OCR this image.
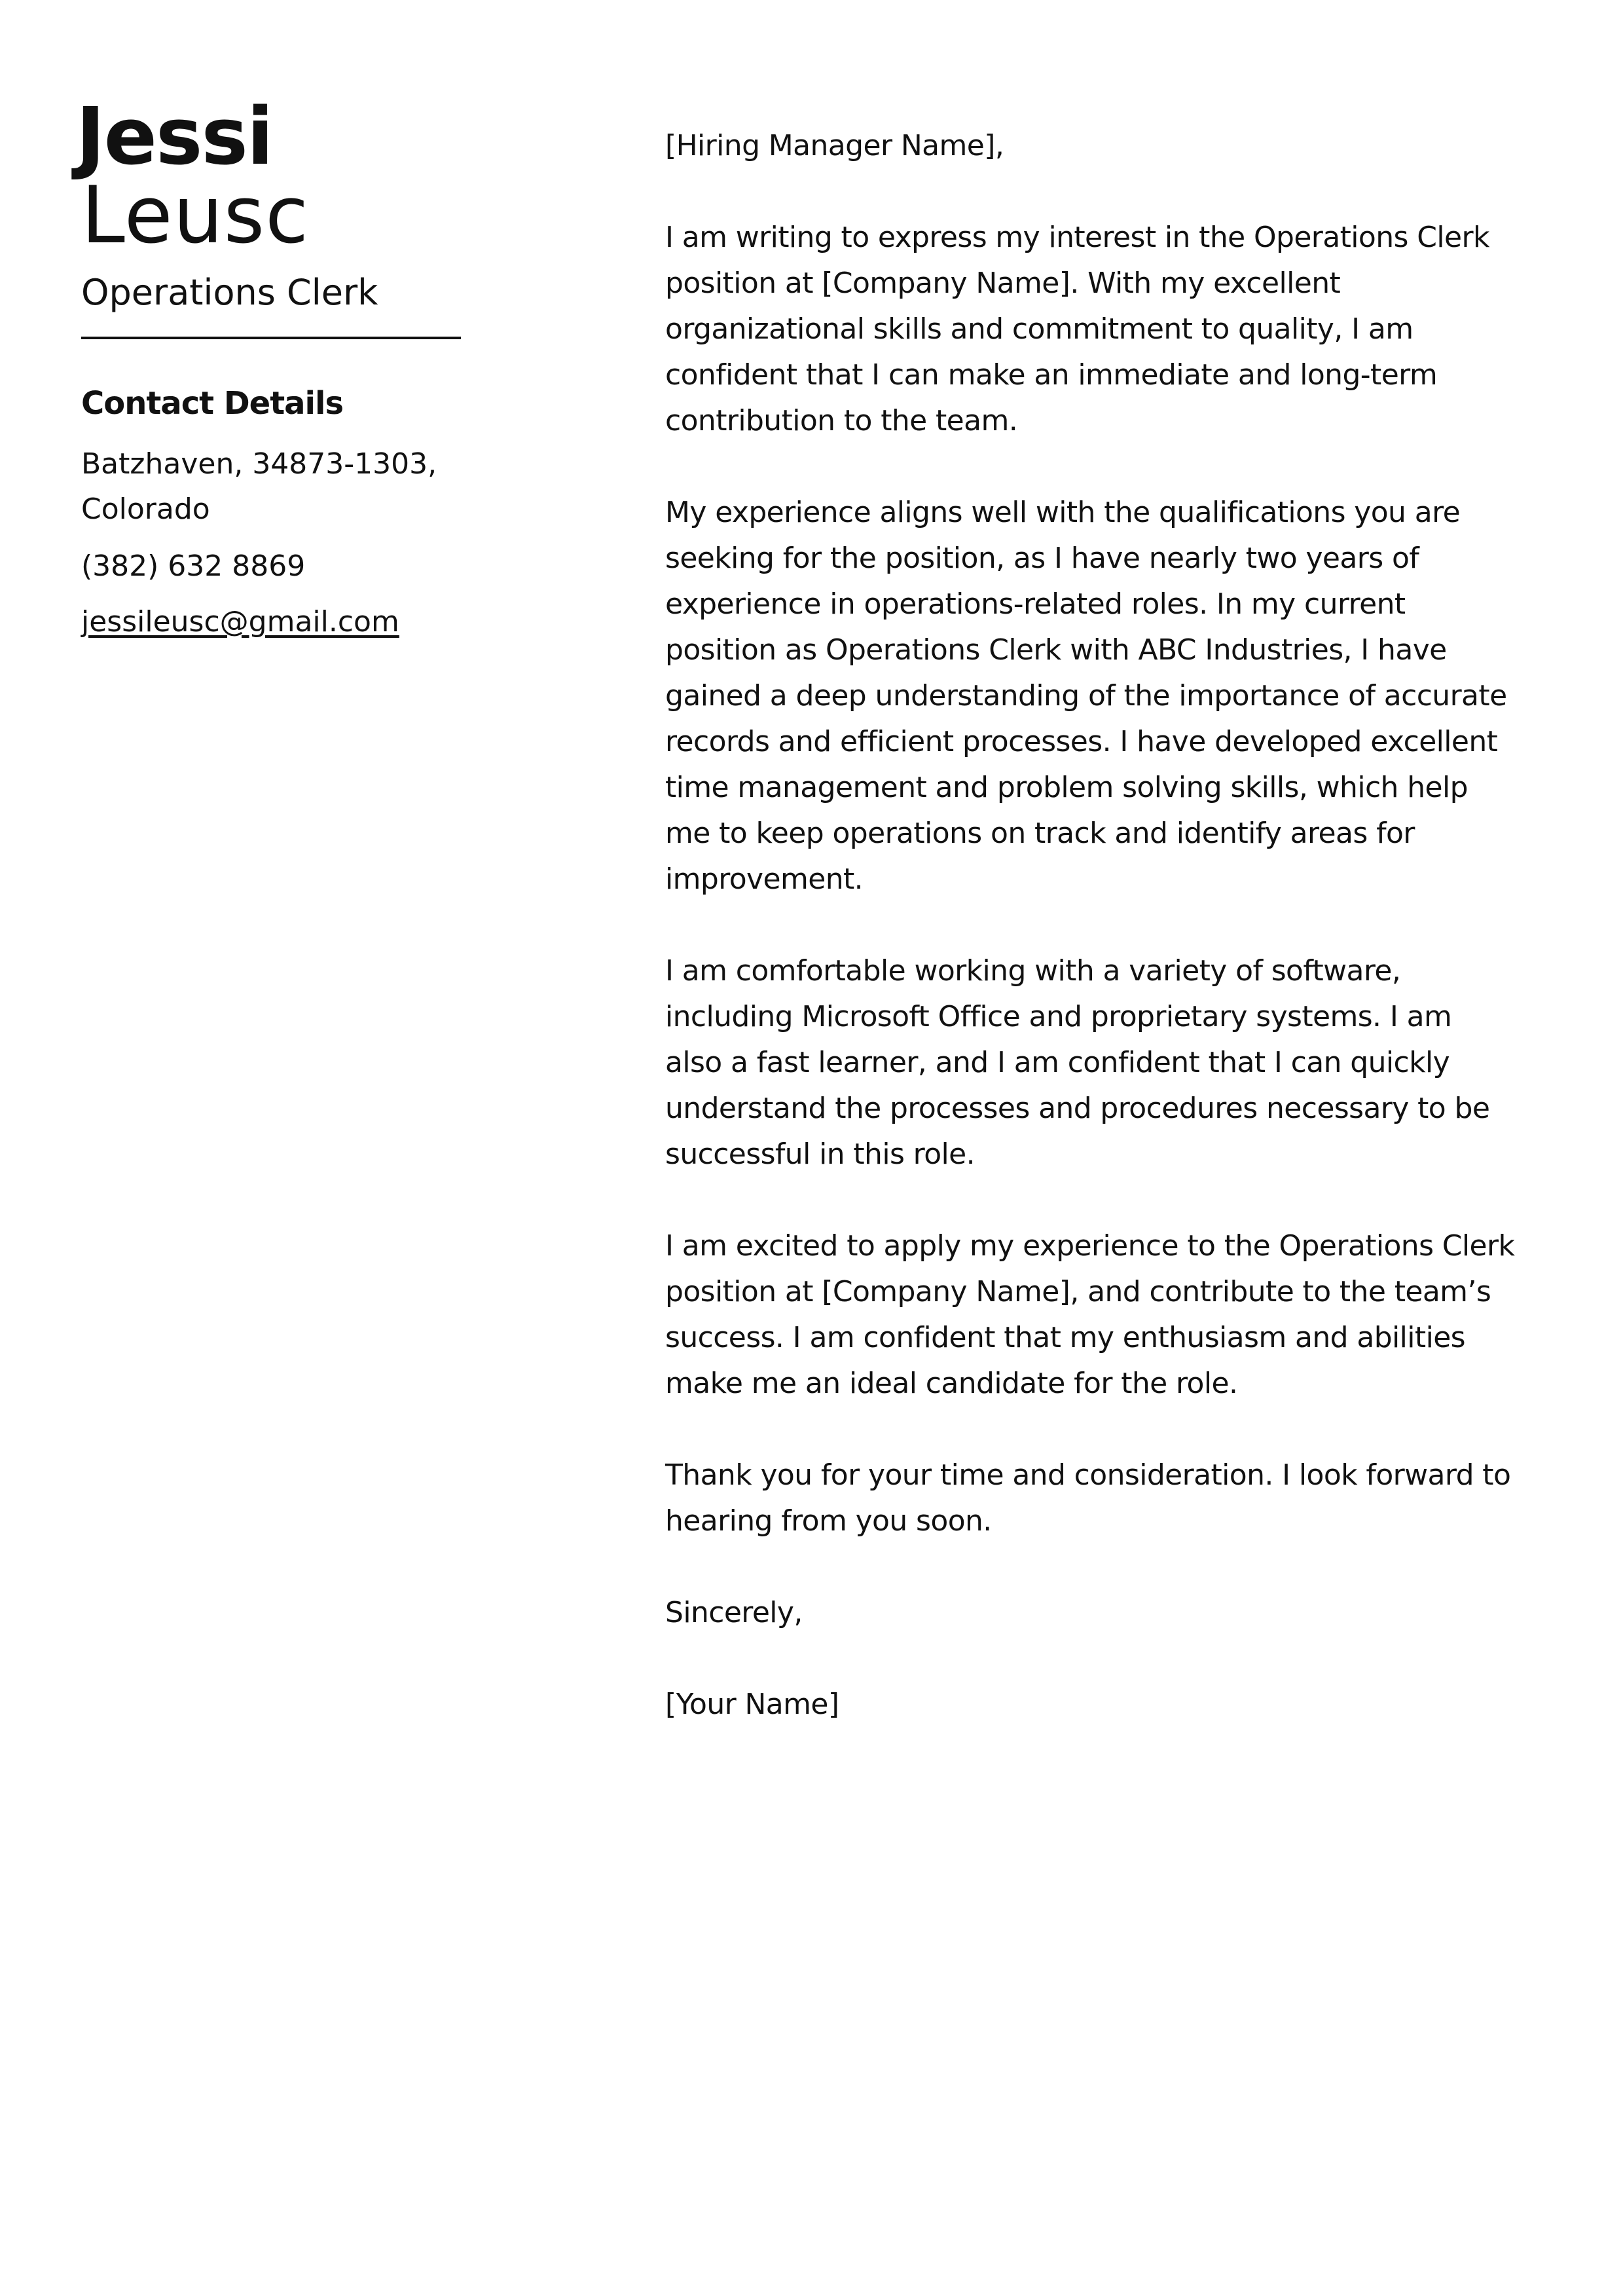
Jessi
Leusc
Operations Clerk
Contact Details
Batzhaven, 34873-1303, Colorado
(382) 632 8869
jessileusc@gmail.com

[Hiring Manager Name],

I am writing to express my interest in the Operations Clerk position at [Company Name]. With my excellent organizational skills and commitment to quality, I am confident that I can make an immediate and long-term contribution to the team.

My experience aligns well with the qualifications you are seeking for the position, as I have nearly two years of experience in operations-related roles. In my current position as Operations Clerk with ABC Industries, I have gained a deep understanding of the importance of accurate records and efficient processes. I have developed excellent time management and problem solving skills, which help me to keep operations on track and identify areas for improvement.

I am comfortable working with a variety of software, including Microsoft Office and proprietary systems. I am also a fast learner, and I am confident that I can quickly understand the processes and procedures necessary to be successful in this role.

I am excited to apply my experience to the Operations Clerk position at [Company Name], and contribute to the team’s success. I am confident that my enthusiasm and abilities make me an ideal candidate for the role.

Thank you for your time and consideration. I look forward to hearing from you soon.

Sincerely,

[Your Name]
